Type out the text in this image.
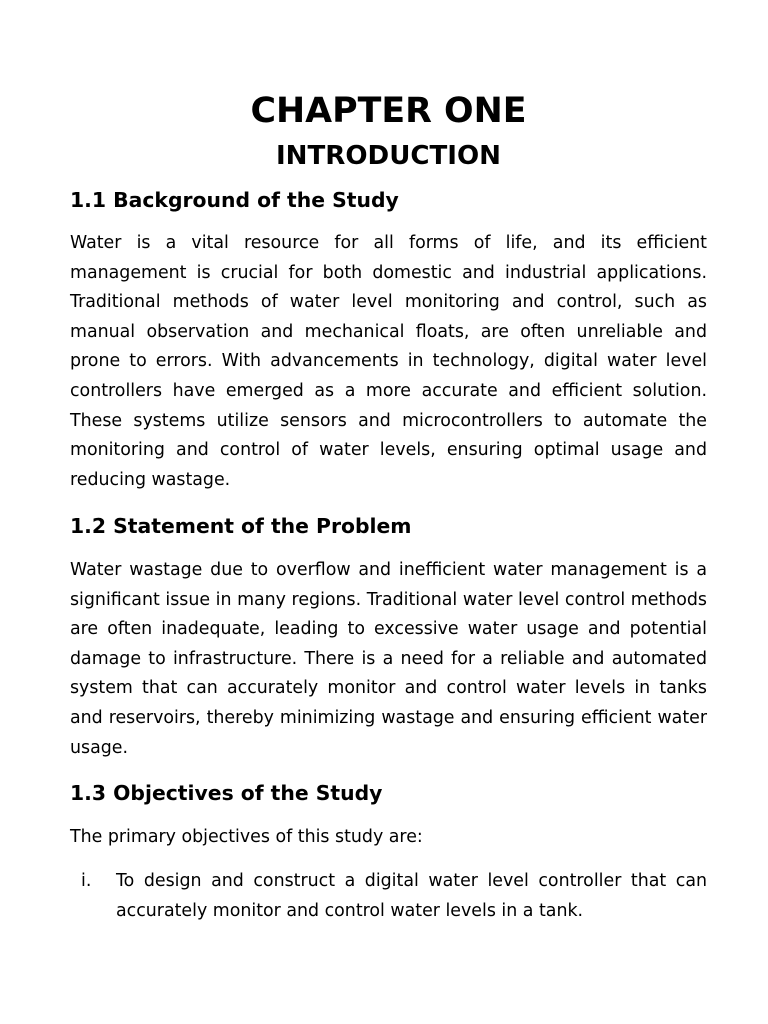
CHAPTER ONE
INTRODUCTION
1.1 Background of the Study

Water is a vital resource for all forms of life, and its efficient management is crucial for both domestic and industrial applications. Traditional methods of water level monitoring and control, such as manual observation and mechanical floats, are often unreliable and prone to errors. With advancements in technology, digital water level controllers have emerged as a more accurate and efficient solution. These systems utilize sensors and microcontrollers to automate the monitoring and control of water levels, ensuring optimal usage and reducing wastage.

1.2 Statement of the Problem

Water wastage due to overflow and inefficient water management is a significant issue in many regions. Traditional water level control methods are often inadequate, leading to excessive water usage and potential damage to infrastructure. There is a need for a reliable and automated system that can accurately monitor and control water levels in tanks and reservoirs, thereby minimizing wastage and ensuring efficient water usage.

1.3 Objectives of the Study

The primary objectives of this study are:

i.	To design and construct a digital water level controller that can accurately monitor and control water levels in a tank.
